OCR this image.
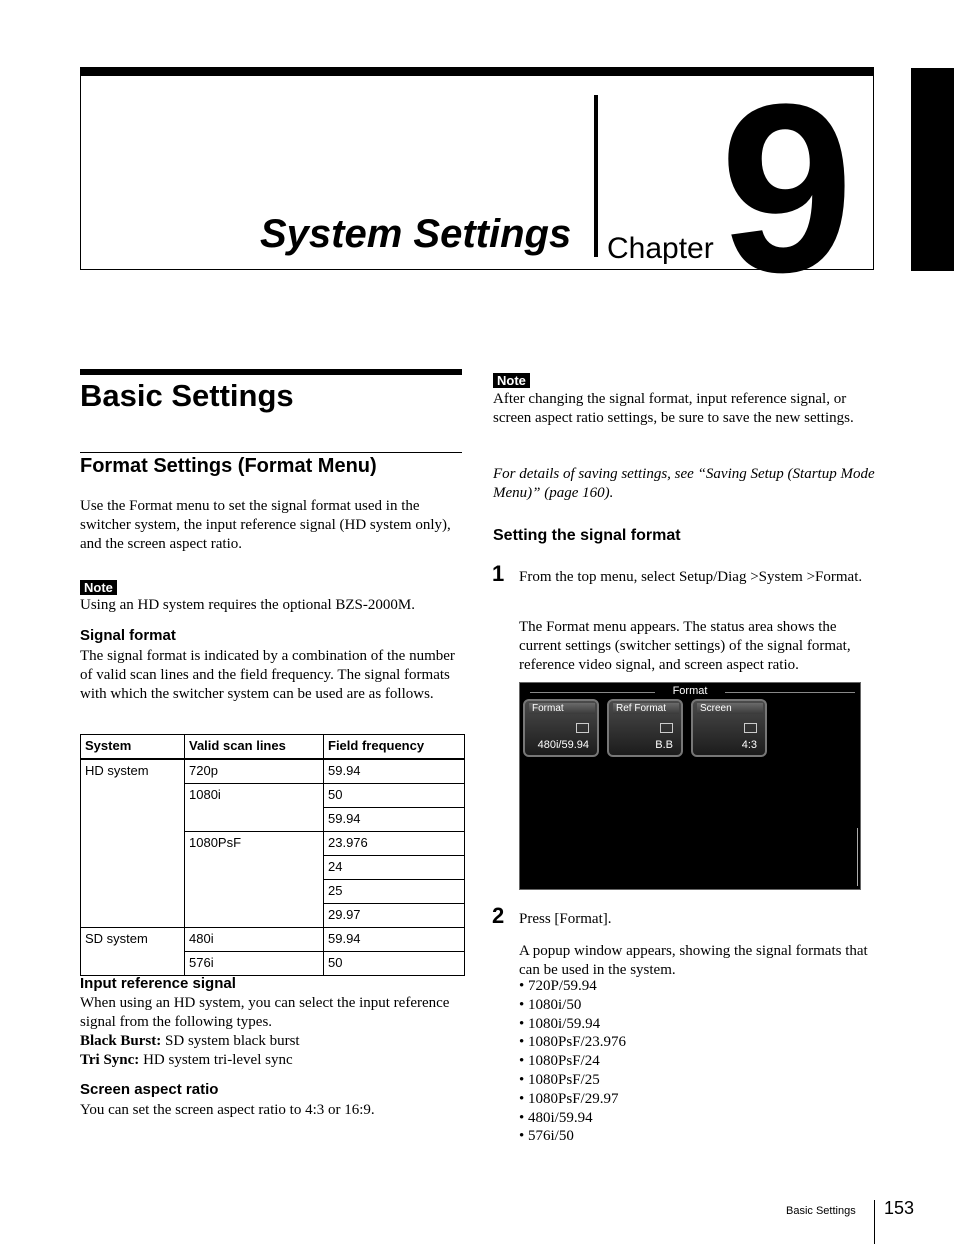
System Settings Chapter 9
Basic Settings
Format Settings (Format Menu)
Use the Format menu to set the signal format used in the switcher system, the input reference signal (HD system only), and the screen aspect ratio.
Note
Using an HD system requires the optional BZS-2000M.
Signal format
The signal format is indicated by a combination of the number of valid scan lines and the field frequency. The signal formats with which the switcher system can be used are as follows.
System	Valid scan lines	Field frequency
HD system	720p	59.94
	1080i	50
		59.94
	1080PsF	23.976
		24
		25
		29.97
SD system	480i	59.94
	576i	50
Input reference signal
When using an HD system, you can select the input reference signal from the following types.
Black Burst: SD system black burst
Tri Sync: HD system tri-level sync
Screen aspect ratio
You can set the screen aspect ratio to 4:3 or 16:9.
Note
After changing the signal format, input reference signal, or screen aspect ratio settings, be sure to save the new settings.
For details of saving settings, see “Saving Setup (Startup Mode Menu)” (page 160).
Setting the signal format
1 From the top menu, select Setup/Diag >System >Format.
The Format menu appears. The status area shows the current settings (switcher settings) of the signal format, reference video signal, and screen aspect ratio.
Format
Format
480i/59.94
Ref Format
B.B
Screen
4:3
2 Press [Format].
A popup window appears, showing the signal formats that can be used in the system.
• 720P/59.94
• 1080i/50
• 1080i/59.94
• 1080PsF/23.976
• 1080PsF/24
• 1080PsF/25
• 1080PsF/29.97
• 480i/59.94
• 576i/50
Basic Settings 153
